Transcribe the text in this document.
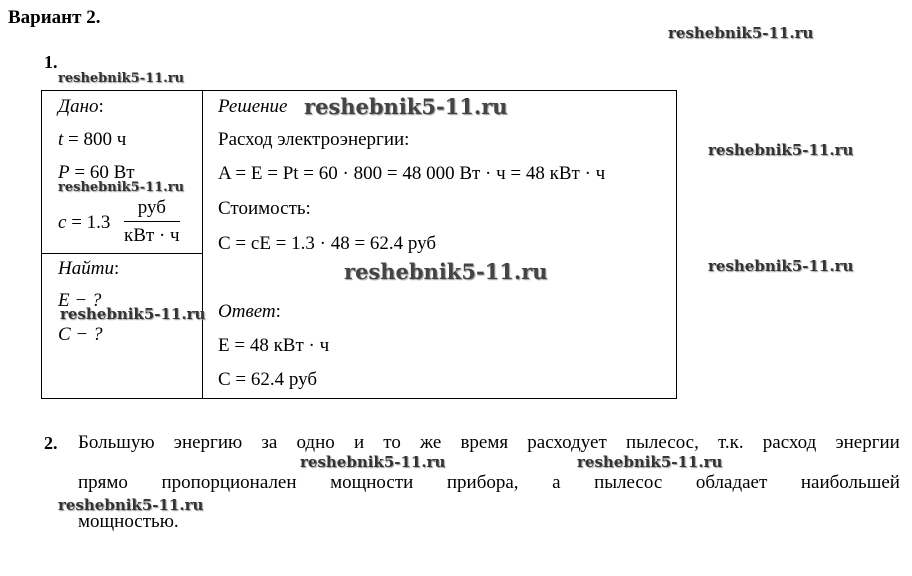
Вариант 2.
reshebnik5-11.ru
reshebnik5-11.ru
reshebnik5-11.ru
reshebnik5-11.ru
reshebnik5-11.ru
1.
Дано:
t = 800 ч
P = 60 Вт
c = 1.3
руб
кВт · ч
Найти:
E − ?
reshebnik5-11.ru
C − ?
Решение reshebnik5-11.ru
Расход электроэнергии:
A = E = Pt = 60 · 800 = 48 000 Вт · ч = 48 кВт · ч
Стоимость:
C = cE = 1.3 · 48 = 62.4 руб
reshebnik5-11.ru
Ответ:
E = 48 кВт · ч
C = 62.4 руб
2. Большую энергию за одно и то же время расходует пылесос, т.к. расход энергии
reshebnik5-11.ru	reshebnik5-11.ru
прямо пропорционален мощности прибора, а пылесос обладает наибольшей
reshebnik5-11.ru
мощностью.
